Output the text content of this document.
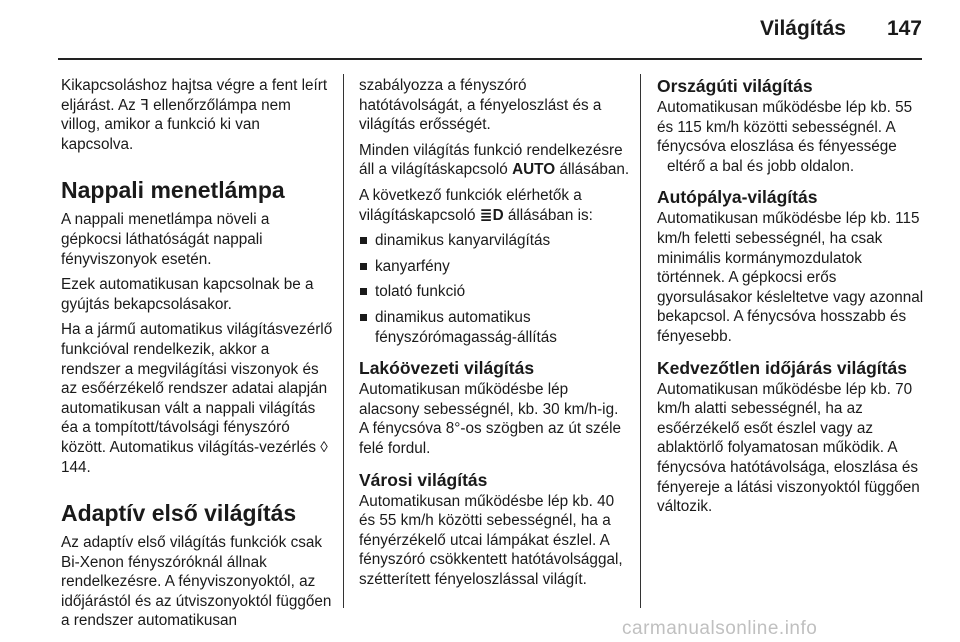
Világítás 147

Kikapcsoláshoz hajtsa végre a fent leírt eljárást. Az ꟻ ellenőrzőlámpa nem villog, amikor a funkció ki van kapcsolva.

Nappali menetlámpa

A nappali menetlámpa növeli a gépkocsi láthatóságát nappali fényviszonyok esetén.

Ezek automatikusan kapcsolnak be a gyújtás bekapcsolásakor.

Ha a jármű automatikus világításvezérlő funkcióval rendelkezik, akkor a rendszer a megvilágítási viszonyok és az esőérzékelő rendszer adatai alapján automatikusan vált a nappali világítás éa a tompított/távolsági fényszóró között. Automatikus világítás-vezérlés ◊ 144.

Adaptív első világítás

Az adaptív első világítás funkciók csak Bi-Xenon fényszóróknál állnak rendelkezésre. A fényviszonyoktól, az időjárástól és az útviszonyoktól függően a rendszer automatikusan

szabályozza a fényszóró hatótávolságát, a fényeloszlást és a világítás erősségét.

Minden világítás funkció rendelkezésre áll a világításkapcsoló AUTO állásában.

A következő funkciók elérhetők a világításkapcsoló ≣D állásában is:

dinamikus kanyarvilágítás
kanyarfény
tolató funkció
dinamikus automatikus fényszórómagasság-állítás
Lakóövezeti világítás

Automatikusan működésbe lép alacsony sebességnél, kb. 30 km/h-ig. A fénycsóva 8°-os szögben az út széle felé fordul.

Városi világítás

Automatikusan működésbe lép kb. 40 és 55 km/h közötti sebességnél, ha a fényérzékelő utcai lámpákat észlel. A fényszóró csökkentett hatótávolsággal, szétterített fényeloszlással világít.

Országúti világítás

Automatikusan működésbe lép kb. 55 és 115 km/h közötti sebességnél. A fénycsóva eloszlása és fényessége
eltérő a bal és jobb oldalon.

Autópálya-világítás

Automatikusan működésbe lép kb. 115 km/h feletti sebességnél, ha csak minimális kormánymozdulatok történnek. A gépkocsi erős gyorsulásakor késleltetve vagy azonnal bekapcsol. A fénycsóva hosszabb és fényesebb.

Kedvezőtlen időjárás világítás

Automatikusan működésbe lép kb. 70 km/h alatti sebességnél, ha az esőérzékelő esőt észlel vagy az ablaktörlő folyamatosan működik. A fénycsóva hatótávolsága, eloszlása és fényereje a látási viszonyoktól függően változik.

carmanualsonline.info
